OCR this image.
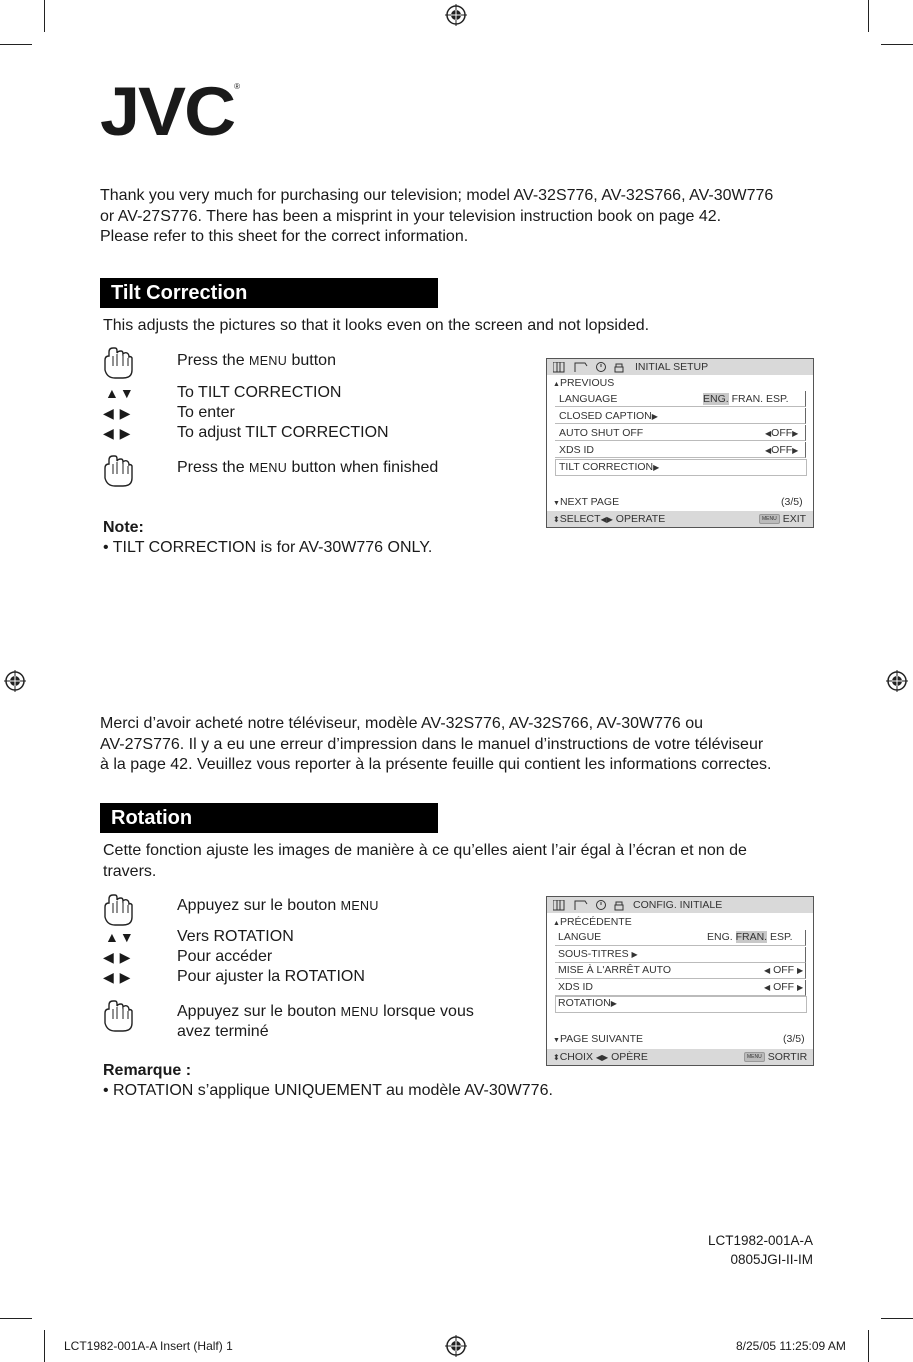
JVC®
Thank you very much for purchasing our television; model AV-32S776, AV-32S766, AV-30W776
or AV-27S776. There has been a misprint in your television instruction book on page 42.
Please refer to this sheet for the correct information.
Tilt Correction
This adjusts the pictures so that it looks even on the screen and not lopsided.
Press the MENU button
▲▼	To TILT CORRECTION
◀ ▶	To enter
◀ ▶	To adjust TILT CORRECTION
Press the MENU button when finished
Note:
• TILT CORRECTION is for AV-30W776 ONLY.
INITIAL SETUP
▲PREVIOUS
LANGUAGE	ENG. FRAN. ESP.
CLOSED CAPTION▶
AUTO SHUT OFF	◀OFF▶
XDS ID	◀OFF▶
TILT CORRECTION▶
▼NEXT PAGE	(3/5)
⬍SELECT◀▶ OPERATE	MENU EXIT
Merci d’avoir acheté notre téléviseur, modèle AV-32S776, AV-32S766, AV-30W776 ou
AV-27S776. Il y a eu une erreur d’impression dans le manuel d’instructions de votre téléviseur
à la page 42. Veuillez vous reporter à la présente feuille qui contient les informations correctes.
Rotation
Cette fonction ajuste les images de manière à ce qu’elles aient l’air égal à l’écran et non de
travers.
Appuyez sur le bouton MENU
▲▼	Vers ROTATION
◀ ▶	Pour accéder
◀ ▶	Pour ajuster la ROTATION
Appuyez sur le bouton MENU lorsque vous
avez terminé
Remarque :
• ROTATION s’applique UNIQUEMENT au modèle AV-30W776.
CONFIG. INITIALE
▲PRÉCÉDENTE
LANGUE	ENG. FRAN. ESP.
SOUS-TITRES ▶
MISE À L'ARRÊT AUTO	◀ OFF ▶
XDS ID	◀ OFF ▶
ROTATION▶
▼PAGE SUIVANTE	(3/5)
⬍CHOIX ◀▶ OPÈRE	MENU SORTIR
LCT1982-001A-A
0805JGI-II-IM
LCT1982-001A-A Insert (Half) 1	8/25/05 11:25:09 AM
